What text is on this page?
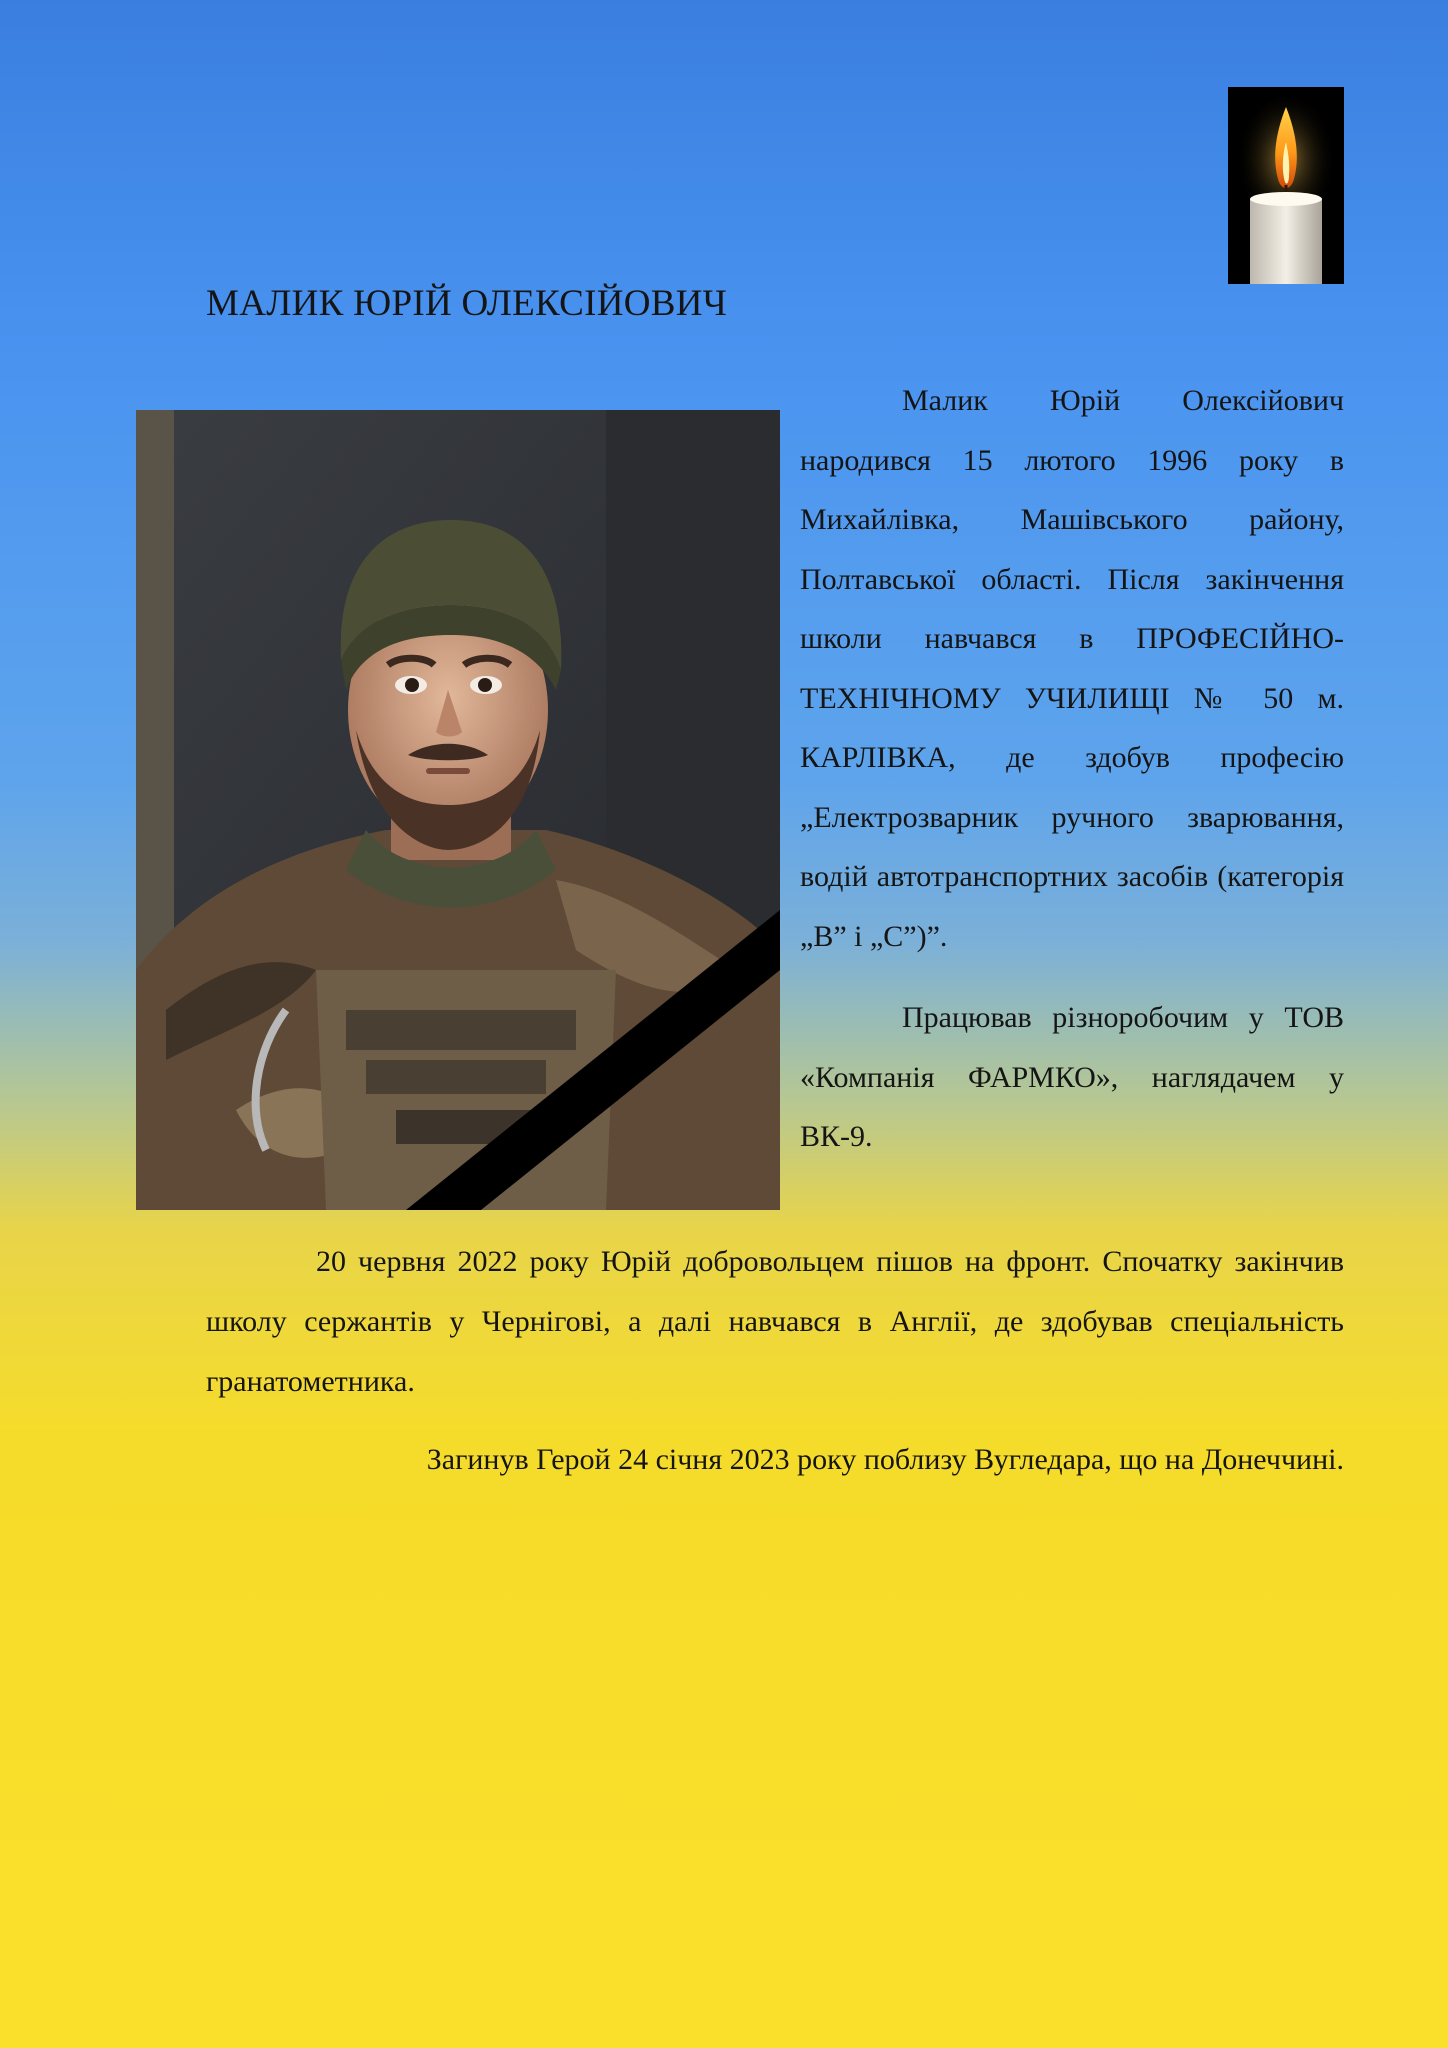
МАЛИК ЮРІЙ ОЛЕКСІЙОВИЧ

Малик Юрій Олексійович народився 15 лютого 1996 року в Михайлівка, Машівського району, Полтавської області. Після закінчення школи навчався в ПРОФЕСІЙНО-ТЕХНІЧНОМУ УЧИЛИЩІ № 50 м. КАРЛІВКА, де здобув професію „Електрозварник ручного зварювання, водій автотранспортних засобів (категорія „В” і „С”)”.

Працював різноробочим у ТОВ «Компанія ФАРМКО», наглядачем у ВК-9.

20 червня 2022 року Юрій добровольцем пішов на фронт. Спочатку закінчив школу сержантів у Чернігові, а далі навчався в Англії, де здобував спеціальність гранатометника.

Загинув Герой 24 січня 2023 року поблизу Вугледара, що на Донеччині.
